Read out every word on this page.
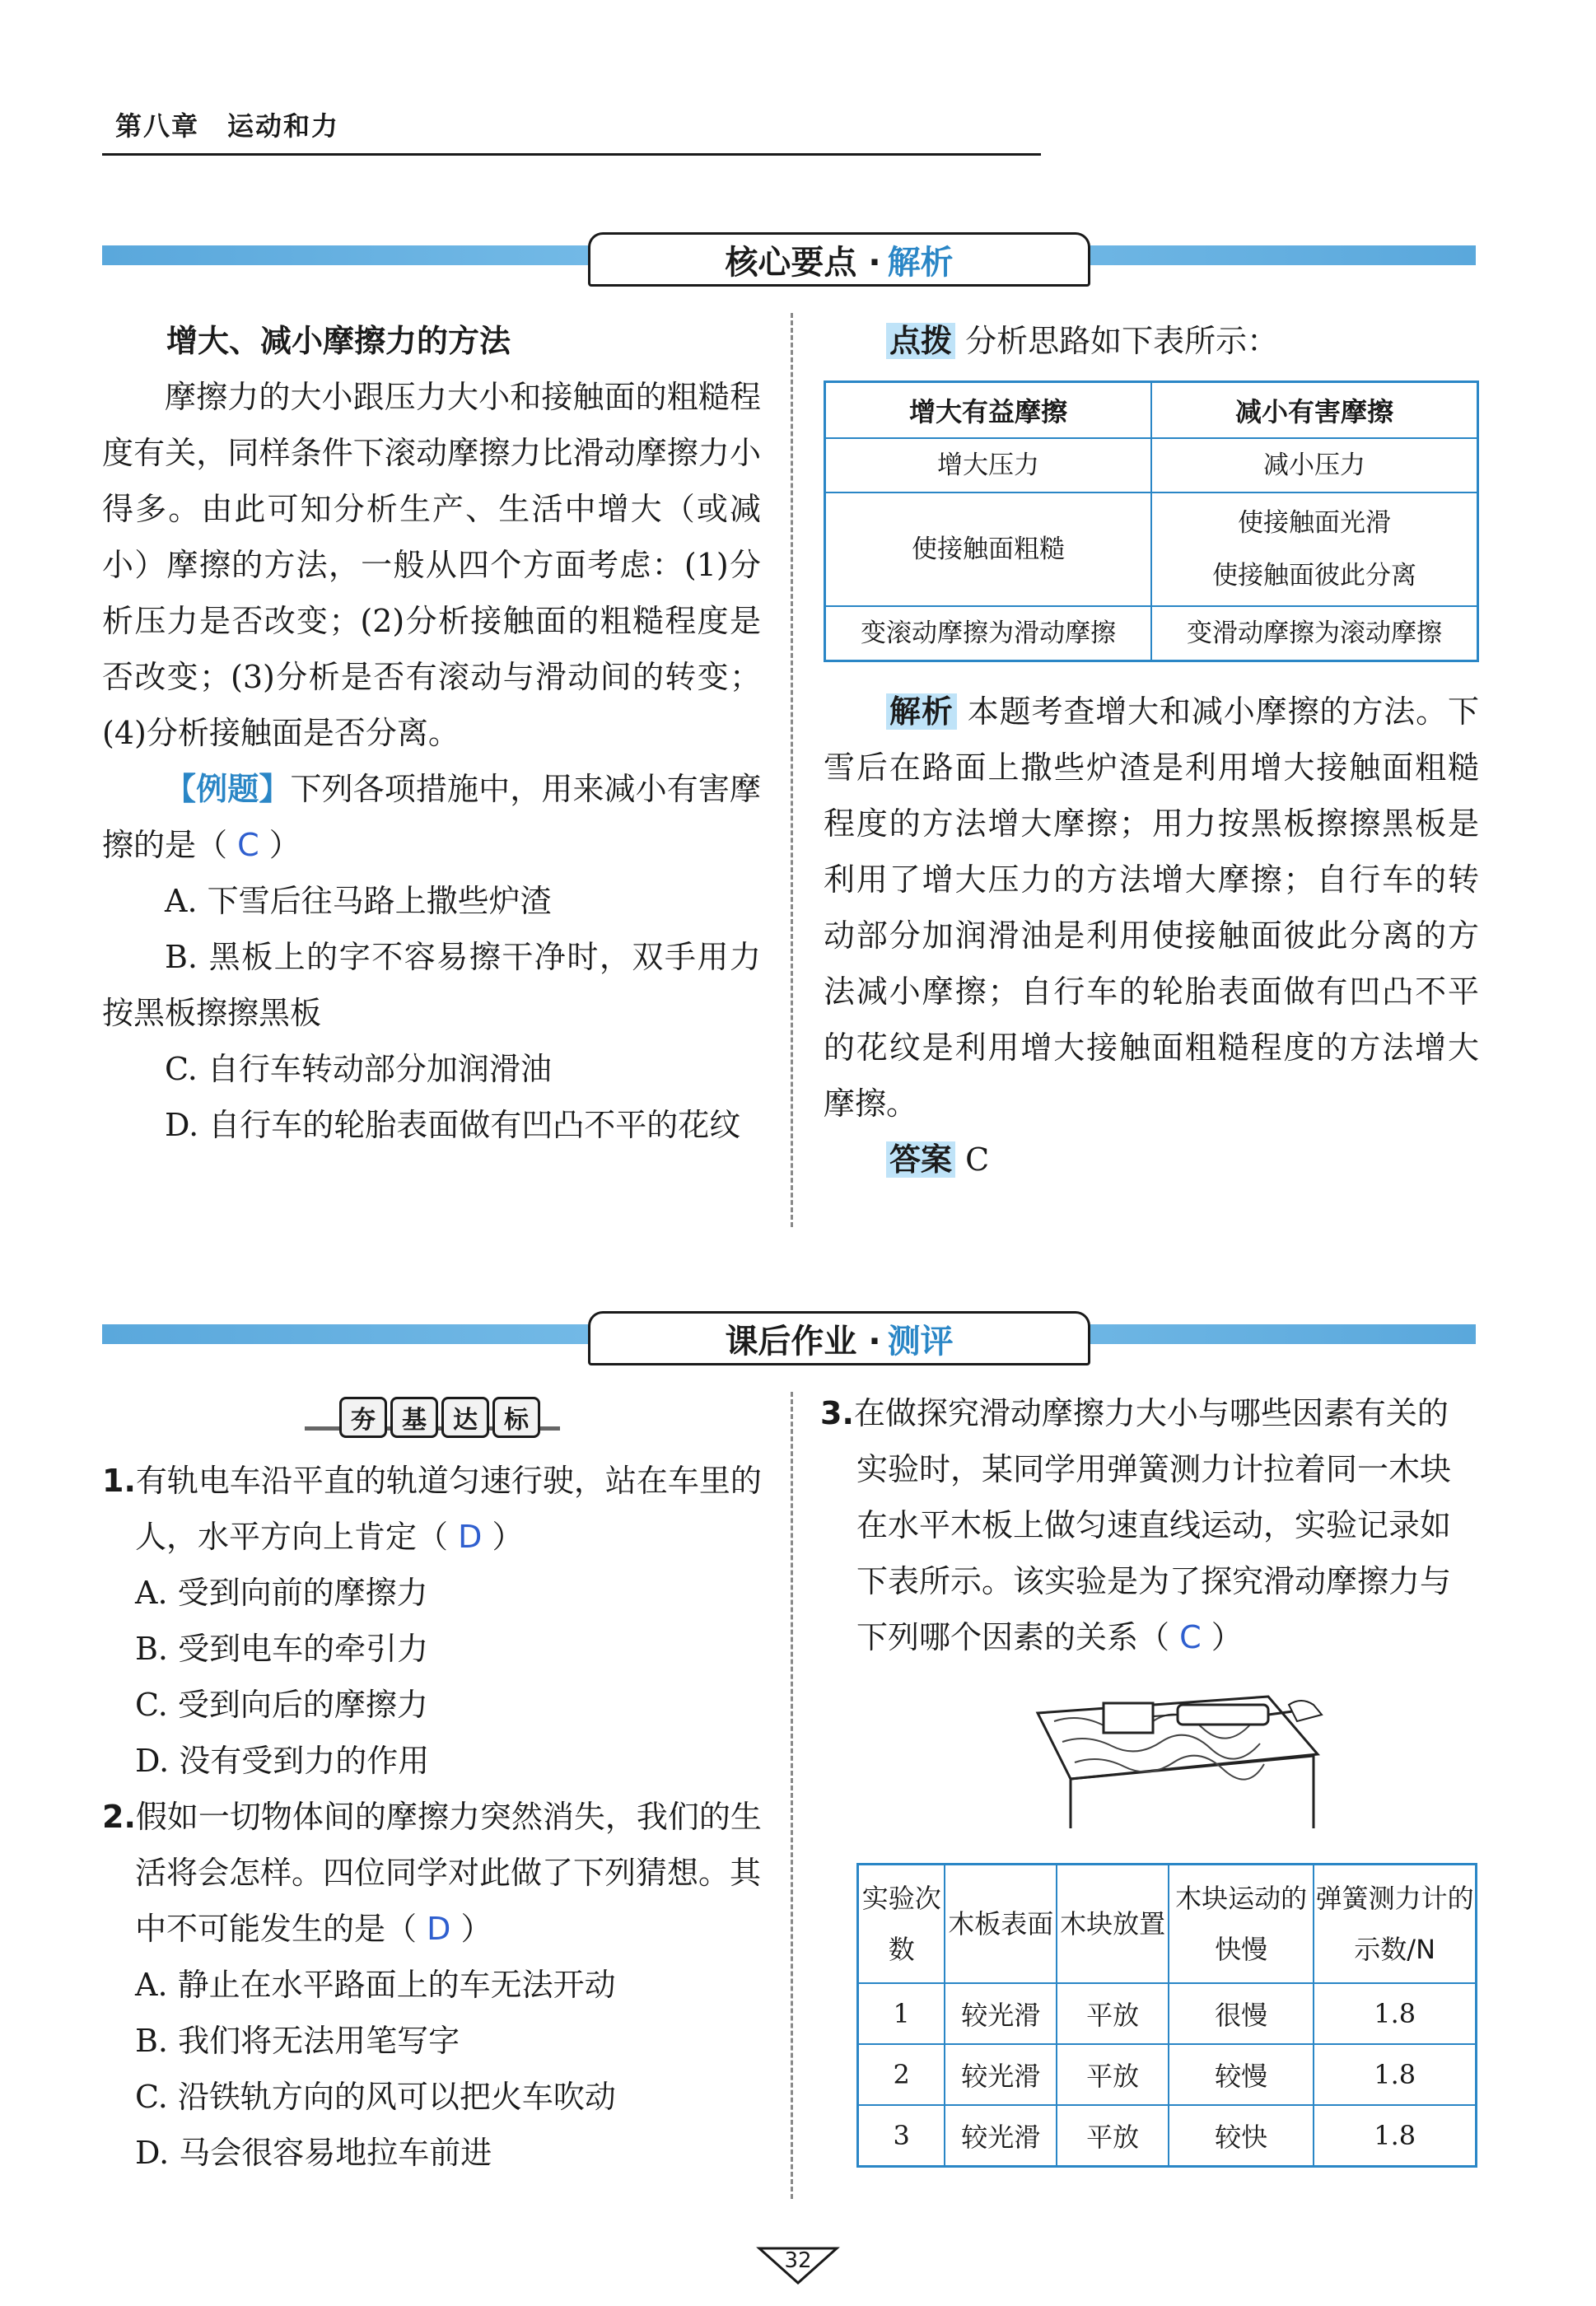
第八章　运动和力
核心要点 · 解析
增大、减小摩擦力的方法

摩擦力的大小跟压力大小和接触面的粗糙程度有关，同样条件下滚动摩擦力比滑动摩擦力小得多。由此可知分析生产、生活中增大（或减小）摩擦的方法，一般从四个方面考虑：(1)分析压力是否改变；(2)分析接触面的粗糙程度是否改变；(3)分析是否有滚动与滑动间的转变；(4)分析接触面是否分离。

【例题】下列各项措施中，用来减小有害摩擦的是（ C ）

A. 下雪后往马路上撒些炉渣

B. 黑板上的字不容易擦干净时，双手用力按黑板擦擦黑板

C. 自行车转动部分加润滑油

D. 自行车的轮胎表面做有凹凸不平的花纹

点拨 分析思路如下表所示：
增大有益摩擦	减小有害摩擦
增大压力	减小压力
使接触面粗糙	使接触面光滑
使接触面彼此分离

变滚动摩擦为滑动摩擦	变滑动摩擦为滚动摩擦

解析 本题考查增大和减小摩擦的方法。下雪后在路面上撒些炉渣是利用增大接触面粗糙程度的方法增大摩擦；用力按黑板擦擦黑板是利用了增大压力的方法增大摩擦；自行车的转动部分加润滑油是利用使接触面彼此分离的方法减小摩擦；自行车的轮胎表面做有凹凸不平的花纹是利用增大接触面粗糙程度的方法增大摩擦。

答案 C

课后作业 · 测评
夯	基	达	标
1.有轨电车沿平直的轨道匀速行驶，站在车里的人，水平方向上肯定（ D ）
A. 受到向前的摩擦力
B. 受到电车的牵引力
C. 受到向后的摩擦力
D. 没有受到力的作用
2.假如一切物体间的摩擦力突然消失，我们的生活将会怎样。四位同学对此做了下列猜想。其中不可能发生的是（ D ）
A. 静止在水平路面上的车无法开动
B. 我们将无法用笔写字
C. 沿铁轨方向的风可以把火车吹动
D. 马会很容易地拉车前进
3.在做探究滑动摩擦力大小与哪些因素有关的实验时，某同学用弹簧测力计拉着同一木块在水平木板上做匀速直线运动，实验记录如下表所示。该实验是为了探究滑动摩擦力与下列哪个因素的关系（ C ）
实验次数	木板表面	木块放置	木块运动的快慢	弹簧测力计的示数/N
1	较光滑	平放	很慢	1.8
2	较光滑	平放	较慢	1.8
3	较光滑	平放	较快	1.8
32
